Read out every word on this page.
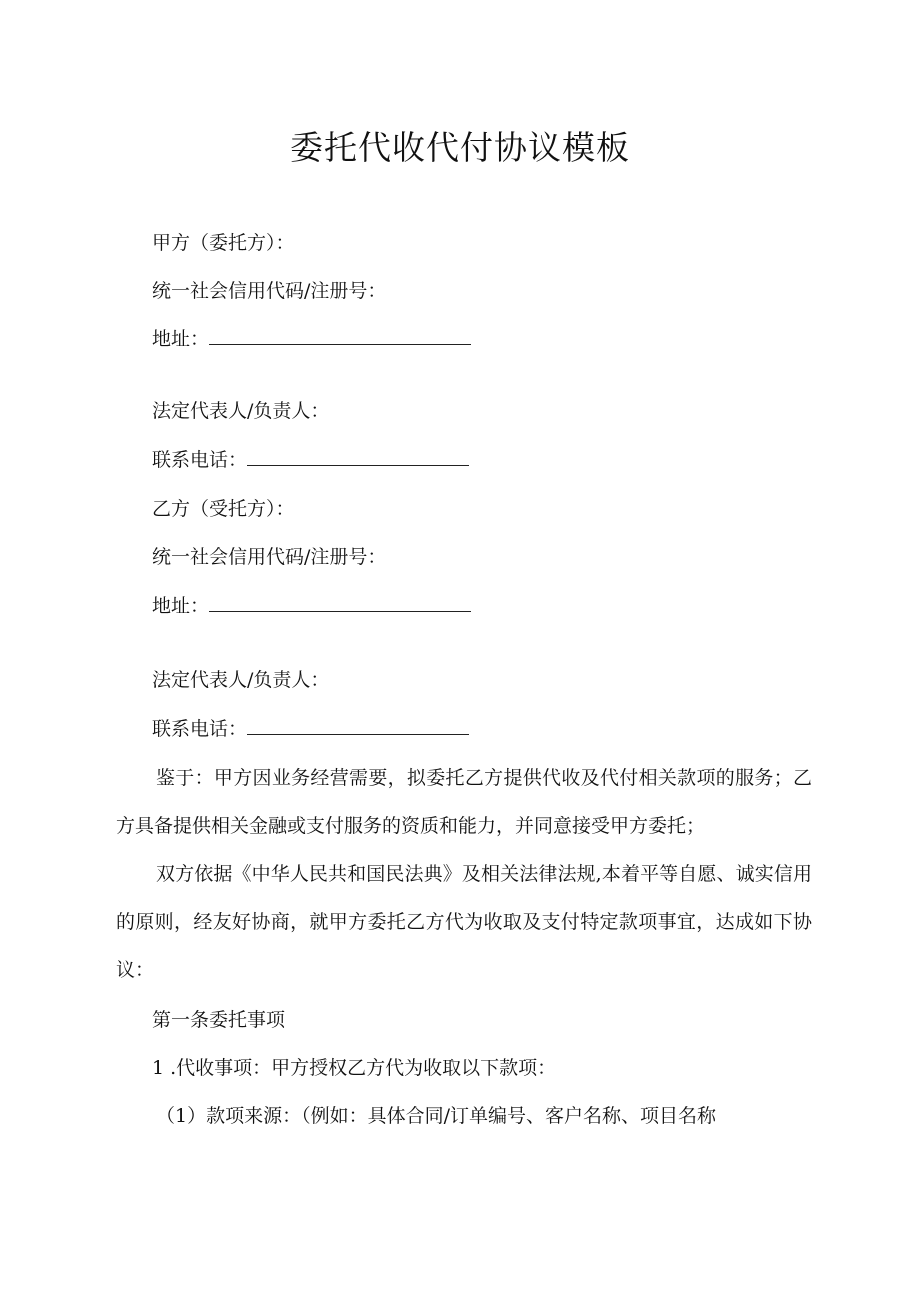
委托代收代付协议模板
甲方（委托方）：
统一社会信用代码/注册号：
地址：
法定代表人/负责人：
联系电话：
乙方（受托方）：
统一社会信用代码/注册号：
地址：
法定代表人/负责人：
联系电话：
鉴于：甲方因业务经营需要，拟委托乙方提供代收及代付相关款项的服务；乙方具备提供相关金融或支付服务的资质和能力，并同意接受甲方委托；
双方依据《中华人民共和国民法典》及相关法律法规,本着平等自愿、诚实信用的原则，经友好协商，就甲方委托乙方代为收取及支付特定款项事宜，达成如下协议：
第一条委托事项
1 .代收事项：甲方授权乙方代为收取以下款项：
（1）款项来源：（例如：具体合同/订单编号、客户名称、项目名称
